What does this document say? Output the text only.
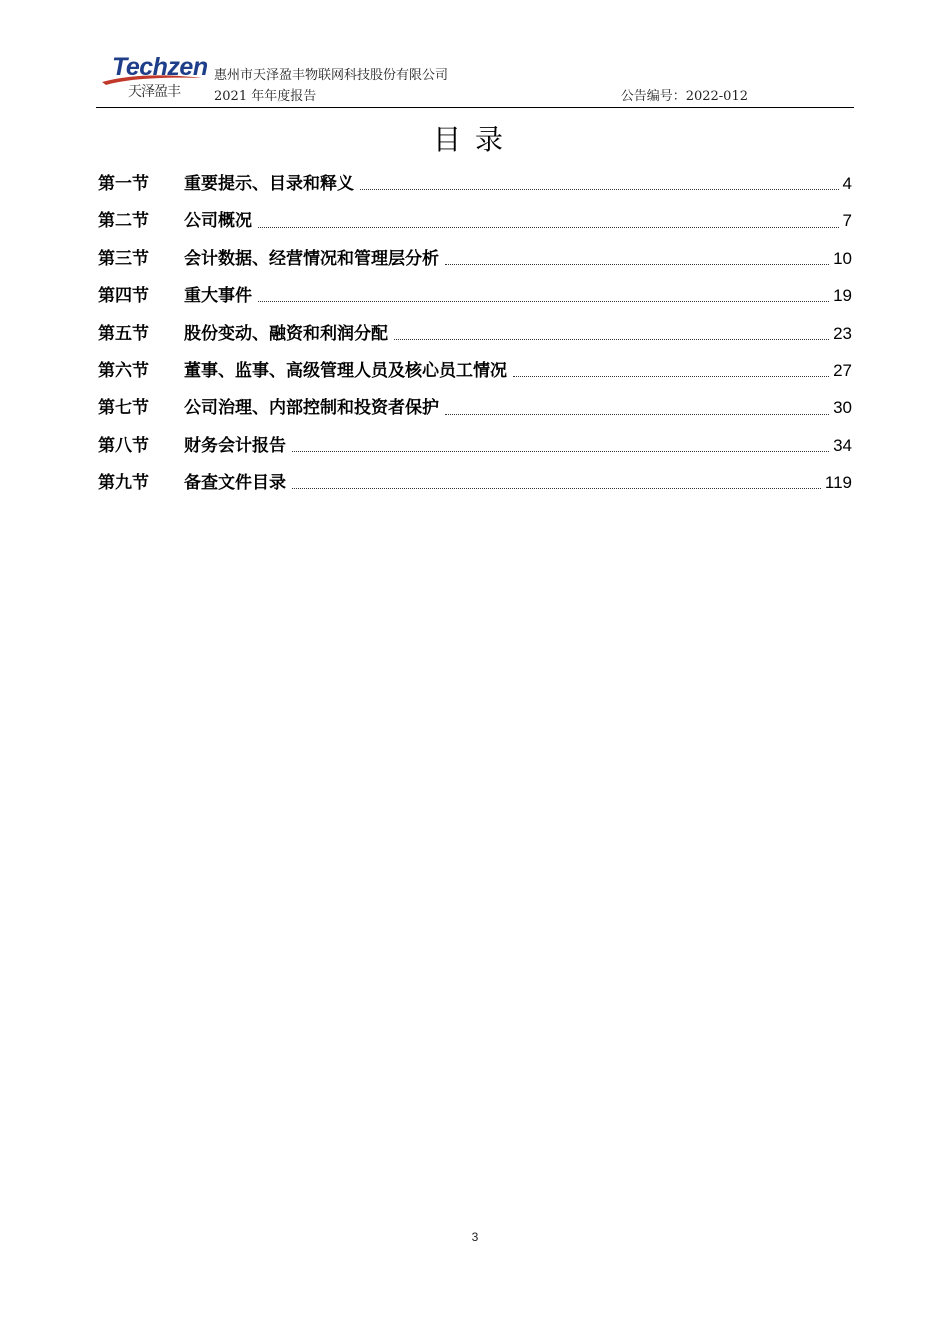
Techzen
天泽盈丰
惠州市天泽盈丰物联网科技股份有限公司
2021 年年度报告	公告编号：2022-012
目录
第一节	重要提示、目录和释义	4
第二节	公司概况	7
第三节	会计数据、经营情况和管理层分析	10
第四节	重大事件	19
第五节	股份变动、融资和利润分配	23
第六节	董事、监事、高级管理人员及核心员工情况	27
第七节	公司治理、内部控制和投资者保护	30
第八节	财务会计报告	34
第九节	备查文件目录	119
3
